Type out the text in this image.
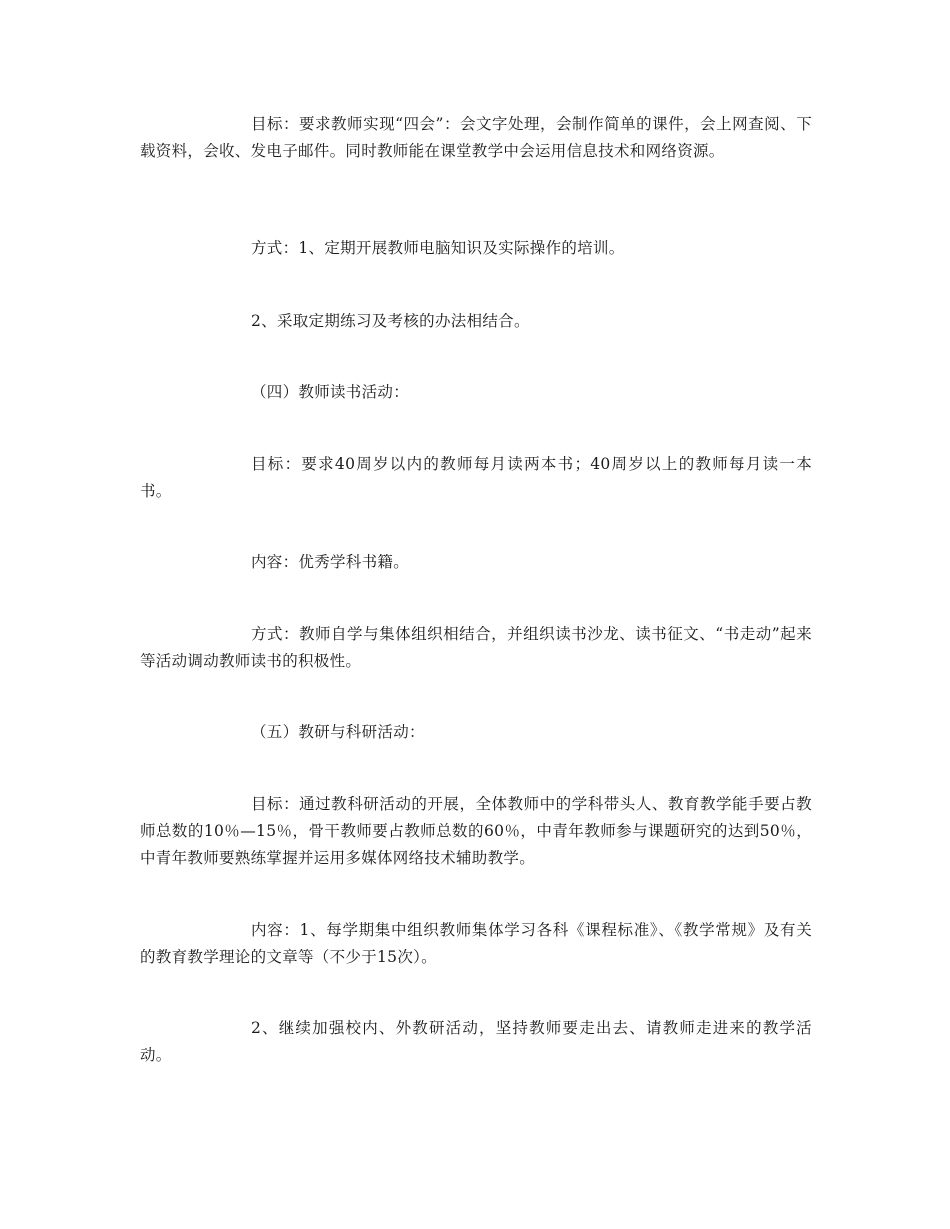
目标：要求教师实现“四会”：会文字处理，会制作简单的课件，会上网查阅、下载资料，会收、发电子邮件。同时教师能在课堂教学中会运用信息技术和网络资源。

方式：1、定期开展教师电脑知识及实际操作的培训。

2、采取定期练习及考核的办法相结合。

（四）教师读书活动：

目标：要求40周岁以内的教师每月读两本书；40周岁以上的教师每月读一本书。

内容：优秀学科书籍。

方式：教师自学与集体组织相结合，并组织读书沙龙、读书征文、“书走动”起来等活动调动教师读书的积极性。

（五）教研与科研活动：

目标：通过教科研活动的开展，全体教师中的学科带头人、教育教学能手要占教师总数的10％—15％，骨干教师要占教师总数的60％，中青年教师参与课题研究的达到50％，中青年教师要熟练掌握并运用多媒体网络技术辅助教学。

内容：1、每学期集中组织教师集体学习各科《课程标准》、《教学常规》及有关的教育教学理论的文章等（不少于15次）。

2、继续加强校内、外教研活动，坚持教师要走出去、请教师走进来的教学活动。
